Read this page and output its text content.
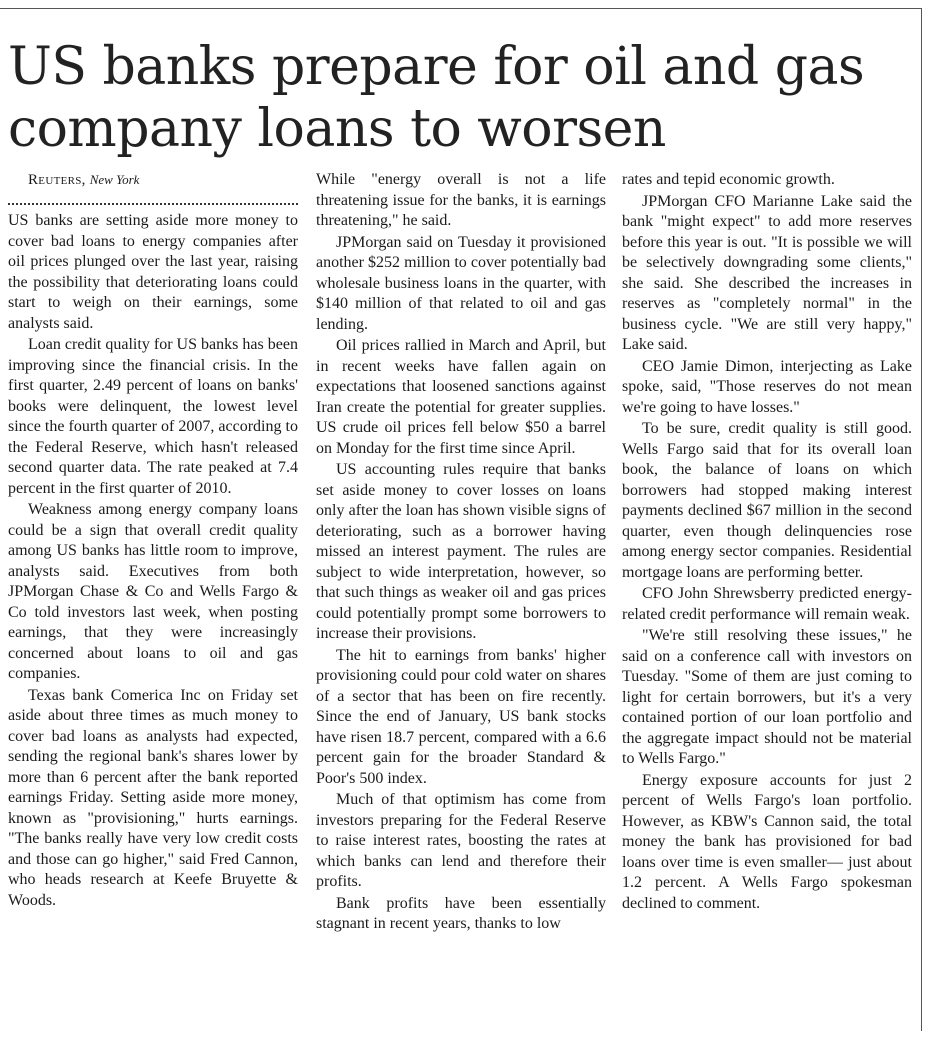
US banks prepare for oil and gas company loans to worsen

Reuters, New York

US banks are setting aside more money to cover bad loans to energy companies after oil prices plunged over the last year, raising the possibility that deteriorating loans could start to weigh on their earnings, some analysts said.

Loan credit quality for US banks has been improving since the financial crisis. In the first quarter, 2.49 percent of loans on banks' books were delinquent, the lowest level since the fourth quarter of 2007, according to the Federal Reserve, which hasn't released second quarter data. The rate peaked at 7.4 percent in the first quarter of 2010.

Weakness among energy company loans could be a sign that overall credit quality among US banks has little room to improve, analysts said. Executives from both JPMorgan Chase & Co and Wells Fargo & Co told investors last week, when posting earnings, that they were increasingly concerned about loans to oil and gas companies.

Texas bank Comerica Inc on Friday set aside about three times as much money to cover bad loans as analysts had expected, sending the regional bank's shares lower by more than 6 percent after the bank reported earnings Friday. Setting aside more money, known as "provisioning," hurts earnings. "The banks really have very low credit costs and those can go higher," said Fred Cannon, who heads research at Keefe Bruyette & Woods.

While "energy overall is not a life threatening issue for the banks, it is earnings threatening," he said.

JPMorgan said on Tuesday it provisioned another $252 million to cover potentially bad wholesale business loans in the quarter, with $140 million of that related to oil and gas lending.

Oil prices rallied in March and April, but in recent weeks have fallen again on expectations that loosened sanctions against Iran create the potential for greater supplies. US crude oil prices fell below $50 a barrel on Monday for the first time since April.

US accounting rules require that banks set aside money to cover losses on loans only after the loan has shown visible signs of deteriorating, such as a borrower having missed an interest payment. The rules are subject to wide interpretation, however, so that such things as weaker oil and gas prices could potentially prompt some borrowers to increase their provisions.

The hit to earnings from banks' higher provisioning could pour cold water on shares of a sector that has been on fire recently. Since the end of January, US bank stocks have risen 18.7 percent, compared with a 6.6 percent gain for the broader Standard & Poor's 500 index.

Much of that optimism has come from investors preparing for the Federal Reserve to raise interest rates, boosting the rates at which banks can lend and therefore their profits.

Bank profits have been essentially stagnant in recent years, thanks to low

rates and tepid economic growth.

JPMorgan CFO Marianne Lake said the bank "might expect" to add more reserves before this year is out. "It is possible we will be selectively downgrading some clients," she said. She described the increases in reserves as "completely normal" in the business cycle. "We are still very happy," Lake said.

CEO Jamie Dimon, interjecting as Lake spoke, said, "Those reserves do not mean we're going to have losses."

To be sure, credit quality is still good. Wells Fargo said that for its overall loan book, the balance of loans on which borrowers had stopped making interest payments declined $67 million in the second quarter, even though delinquencies rose among energy sector companies. Residential mortgage loans are performing better.

CFO John Shrewsberry predicted energy-related credit performance will remain weak.

"We're still resolving these issues," he said on a conference call with investors on Tuesday. "Some of them are just coming to light for certain borrowers, but it's a very contained portion of our loan portfolio and the aggregate impact should not be material to Wells Fargo."

Energy exposure accounts for just 2 percent of Wells Fargo's loan portfolio. However, as KBW's Cannon said, the total money the bank has provisioned for bad loans over time is even smaller— just about 1.2 percent. A Wells Fargo spokesman declined to comment.
